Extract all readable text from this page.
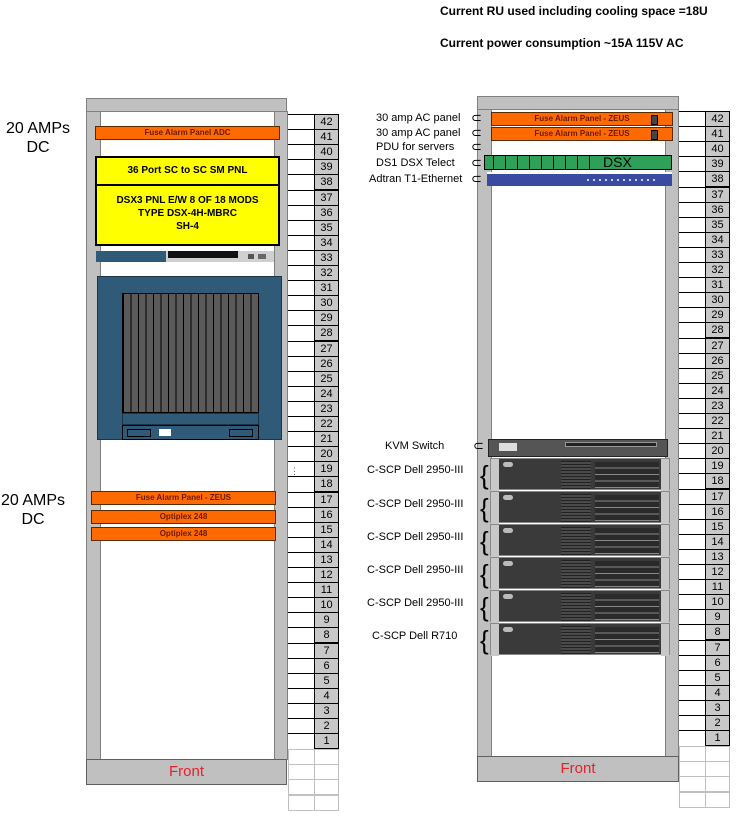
Current RU used including cooling space =18U
Current power consumption ~15A 115V AC
20 AMPs
DC
20 AMPs
DC
Front
Fuse Alarm Panel ADC
36 Port SC to SC SM PNL
DSX3 PNL E/W 8 OF 18 MODS
TYPE DSX-4H-MBRC
SH-4
⋮
Fuse Alarm Panel - ZEUS
Optiplex 248
Optiplex 248
42
41
40
39
38
37
36
35
34
33
32
31
30
29
28
27
26
25
24
23
22
21
20
19
18
17
16
15
14
13
12
11
10
9
8
7
6
5
4
3
2
1
Front
30 amp AC panel
30 amp AC panel
PDU for servers
DS1 DSX Telect
Adtran T1-Ethernet
KVM Switch
C-SCP Dell 2950-III
C-SCP Dell 2950-III
C-SCP Dell 2950-III
C-SCP Dell 2950-III
C-SCP Dell 2950-III
C-SCP Dell R710
⊂
⊂
⊂
⊂
⊂
⊂
{
{
{
{
{
{
Fuse Alarm Panel - ZEUS
Fuse Alarm Panel - ZEUS
DSX
42
41
40
39
38
37
36
35
34
33
32
31
30
29
28
27
26
25
24
23
22
21
20
19
18
17
16
15
14
13
12
11
10
9
8
7
6
5
4
3
2
1
